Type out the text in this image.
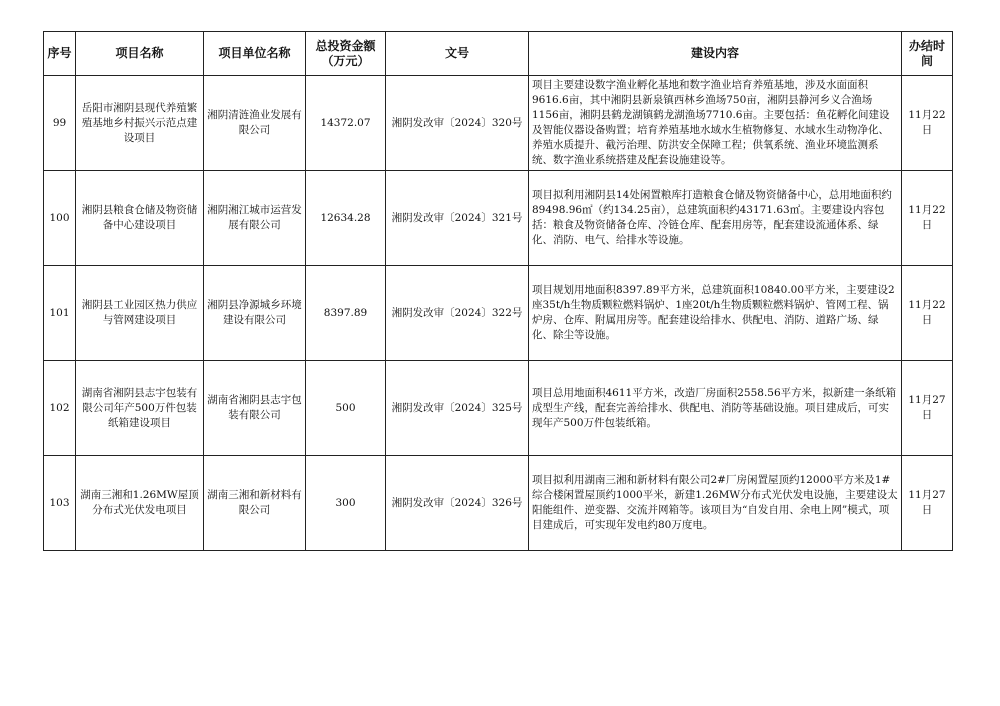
序号	项目名称	项目单位名称	总投资金额（万元）	文号	建设内容	办结时间
99	岳阳市湘阴县现代养殖繁殖基地乡村振兴示范点建设项目	湘阴清涟渔业发展有限公司	14372.07	湘阴发改审〔2024〕320号	项目主要建设数字渔业孵化基地和数字渔业培育养殖基地，涉及水面面积9616.6亩，其中湘阴县新泉镇西林乡渔场750亩，湘阴县静河乡义合渔场1156亩，湘阴县鹤龙湖镇鹤龙湖渔场7710.6亩。主要包括：鱼花孵化间建设及智能仪器设备购置；培育养殖基地水域水生植物修复、水域水生动物净化、养殖水质提升、截污治理、防洪安全保障工程；供氧系统、渔业环境监测系统、数字渔业系统搭建及配套设施建设等。	11月22日
100	湘阴县粮食仓储及物资储备中心建设项目	湘阴湘江城市运营发展有限公司	12634.28	湘阴发改审〔2024〕321号	项目拟利用湘阴县14处闲置粮库打造粮食仓储及物资储备中心，总用地面积约89498.96㎡（约134.25亩），总建筑面积约43171.63㎡。主要建设内容包括：粮食及物资储备仓库、冷链仓库、配套用房等，配套建设流通体系、绿化、消防、电气、给排水等设施。	11月22日
101	湘阴县工业园区热力供应与管网建设项目	湘阴县净源城乡环境建设有限公司	8397.89	湘阴发改审〔2024〕322号	项目规划用地面积8397.89平方米，总建筑面积10840.00平方米，主要建设2座35t/h生物质颗粒燃料锅炉、1座20t/h生物质颗粒燃料锅炉、管网工程、锅炉房、仓库、附属用房等。配套建设给排水、供配电、消防、道路广场、绿化、除尘等设施。	11月22日
102	湖南省湘阴县志宇包装有限公司年产500万件包装纸箱建设项目	湖南省湘阴县志宇包装有限公司	500	湘阴发改审〔2024〕325号	项目总用地面积4611平方米，改造厂房面积2558.56平方米，拟新建一条纸箱成型生产线，配套完善给排水、供配电、消防等基础设施。项目建成后，可实现年产500万件包装纸箱。	11月27日
103	湖南三湘和1.26MW屋顶分布式光伏发电项目	湖南三湘和新材料有限公司	300	湘阴发改审〔2024〕326号	项目拟利用湖南三湘和新材料有限公司2#厂房闲置屋顶约12000平方米及1#综合楼闲置屋顶约1000平米，新建1.26MW分布式光伏发电设施，主要建设太阳能组件、逆变器、交流并网箱等。该项目为“自发自用、余电上网”模式，项目建成后，可实现年发电约80万度电。	11月27日
